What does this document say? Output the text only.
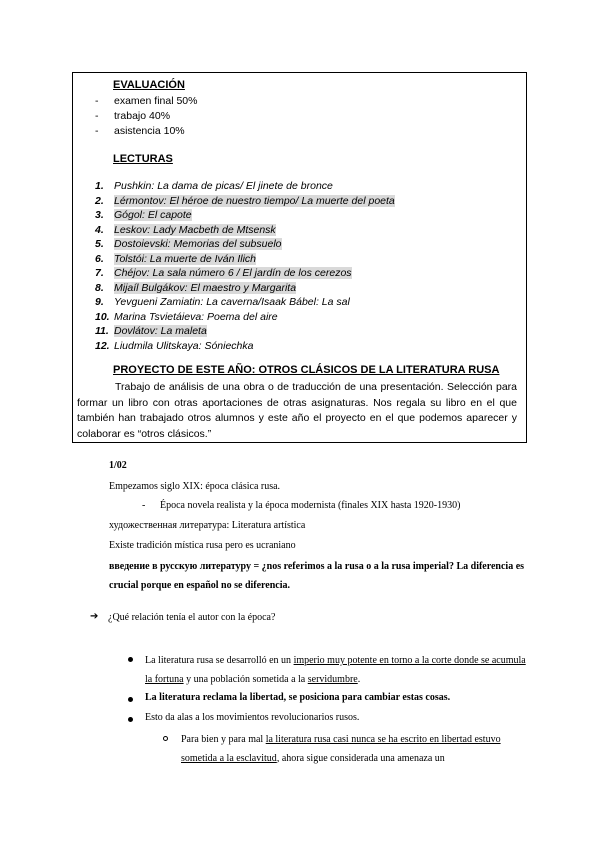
EVALUACIÓN
- examen final 50%
- trabajo 40%
- asistencia 10%
LECTURAS
1. Pushkin: La dama de picas/ El jinete de bronce
2. Lérmontov: El héroe de nuestro tiempo/ La muerte del poeta
3. Gógol: El capote
4. Leskov: Lady Macbeth de Mtsensk
5. Dostoievski: Memorias del subsuelo
6. Tolstói: La muerte de Iván Ilich
7. Chéjov: La sala número 6 / El jardín de los cerezos
8. Mijaíl Bulgákov: El maestro y Margarita
9. Yevgueni Zamiatin: La caverna/Isaak Bábel: La sal
10. Marina Tsvietáieva: Poema del aire
11. Dovlátov: La maleta
12. Liudmila Ulitskaya: Sóniechka
PROYECTO DE ESTE AÑO: OTROS CLÁSICOS DE LA LITERATURA RUSA
Trabajo de análisis de una obra o de traducción de una presentación. Selección para formar un libro con otras aportaciones de otras asignaturas. Nos regala su libro en el que también han trabajado otros alumnos y este año el proyecto en el que podemos aparecer y colaborar es “otros clásicos.”
1/02
Empezamos siglo XIX: época clásica rusa.
- Época novela realista y la época modernista (finales XIX hasta 1920-1930)
художественная литература: Literatura artística
Existe tradición mística rusa pero es ucraniano
введение в русскую литературу = ¿nos referimos a la rusa o a la rusa imperial? La diferencia es crucial porque en español no se diferencia.
➔ ¿Qué relación tenía el autor con la época?
La literatura rusa se desarrolló en un imperio muy potente en torno a la corte donde se acumula la fortuna y una población sometida a la servidumbre.
La literatura reclama la libertad, se posiciona para cambiar estas cosas.
Esto da alas a los movimientos revolucionarios rusos.
Para bien y para mal la literatura rusa casi nunca se ha escrito en libertad estuvo sometida a la esclavitud, ahora sigue considerada una amenaza un
